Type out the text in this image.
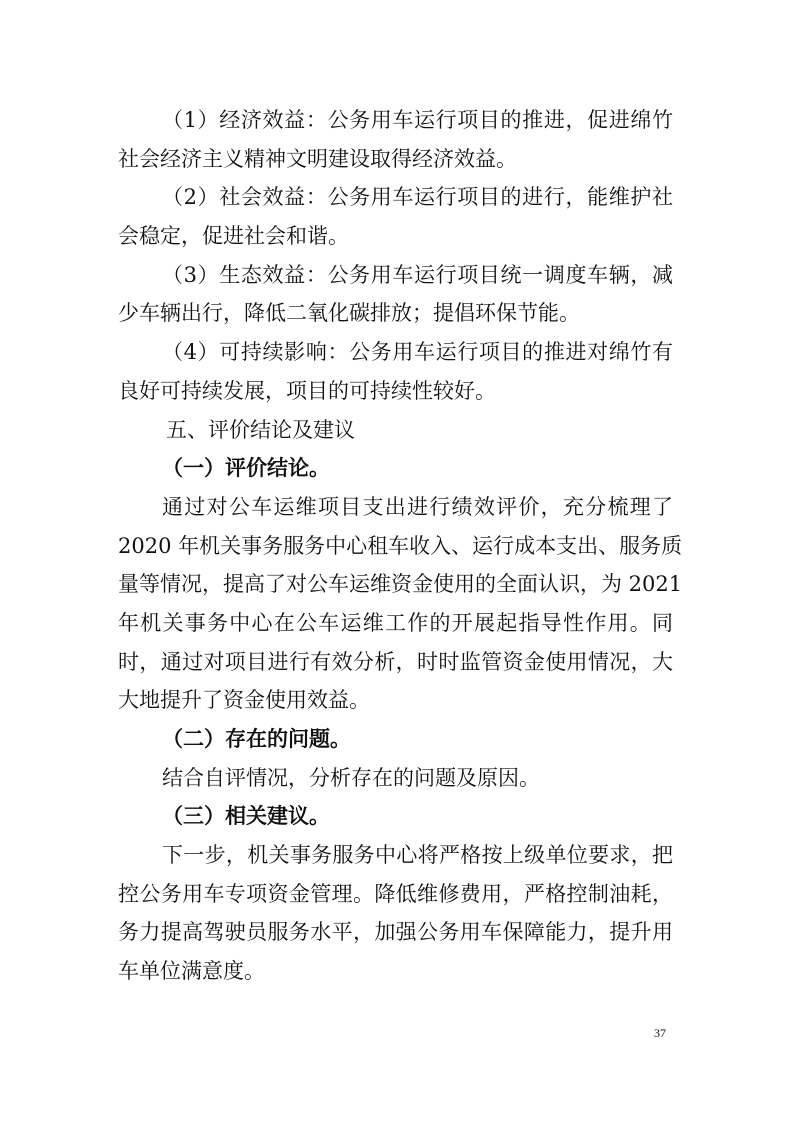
（1）经济效益：公务用车运行项目的推进，促进绵竹
社会经济主义精神文明建设取得经济效益。
（2）社会效益：公务用车运行项目的进行，能维护社
会稳定，促进社会和谐。
（3）生态效益：公务用车运行项目统一调度车辆，减
少车辆出行，降低二氧化碳排放；提倡环保节能。
（4）可持续影响：公务用车运行项目的推进对绵竹有
良好可持续发展，项目的可持续性较好。
五、评价结论及建议
（一）评价结论。
通过对公车运维项目支出进行绩效评价，充分梳理了
2020 年机关事务服务中心租车收入、运行成本支出、服务质
量等情况，提高了对公车运维资金使用的全面认识，为 2021
年机关事务中心在公车运维工作的开展起指导性作用。同
时，通过对项目进行有效分析，时时监管资金使用情况，大
大地提升了资金使用效益。
（二）存在的问题。
结合自评情况，分析存在的问题及原因。
（三）相关建议。
下一步，机关事务服务中心将严格按上级单位要求，把
控公务用车专项资金管理。降低维修费用，严格控制油耗，
务力提高驾驶员服务水平，加强公务用车保障能力，提升用
车单位满意度。
37
